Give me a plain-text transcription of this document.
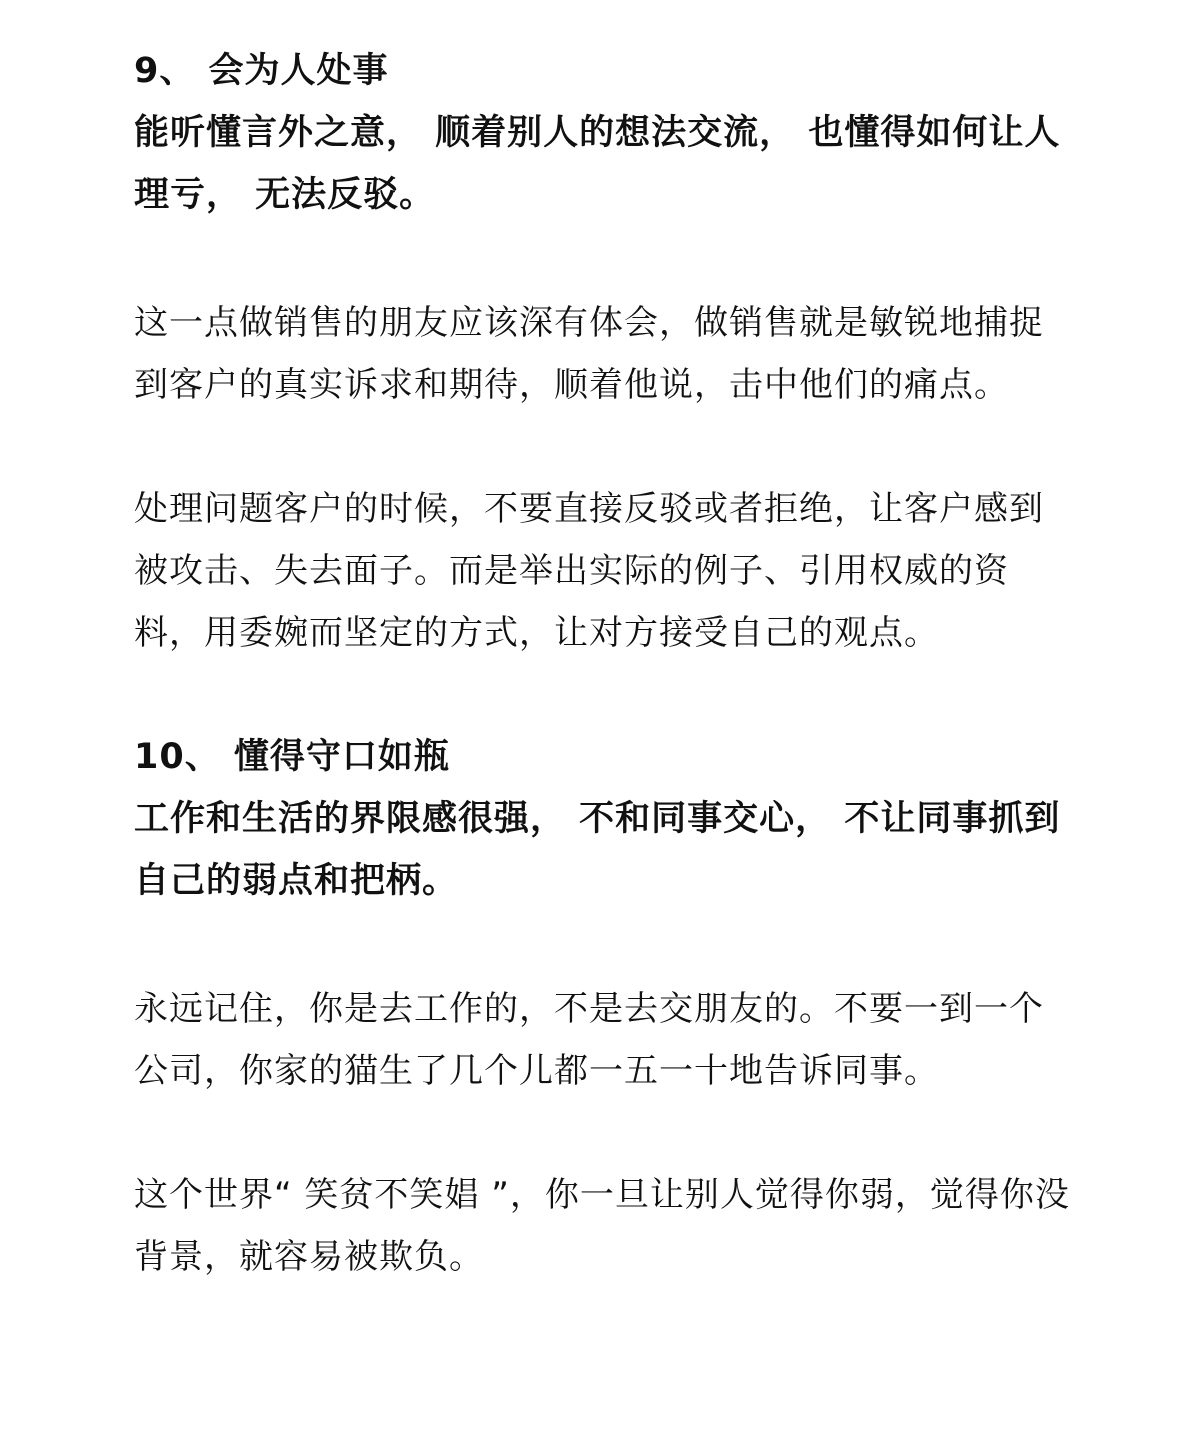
9、 会为人处事

能听懂言外之意， 顺着别人的想法交流， 也懂得如何让人理亏， 无法反驳。

这一点做销售的朋友应该深有体会，做销售就是敏锐地捕捉到客户的真实诉求和期待，顺着他说，击中他们的痛点。

处理问题客户的时候，不要直接反驳或者拒绝，让客户感到被攻击、失去面子。而是举出实际的例子、引用权威的资料，用委婉而坚定的方式，让对方接受自己的观点。

10、 懂得守口如瓶

工作和生活的界限感很强， 不和同事交心， 不让同事抓到自己的弱点和把柄。

永远记住，你是去工作的，不是去交朋友的。不要一到一个公司，你家的猫生了几个儿都一五一十地告诉同事。

这个世界“ 笑贫不笑娼 ”，你一旦让别人觉得你弱，觉得你没背景，就容易被欺负。
